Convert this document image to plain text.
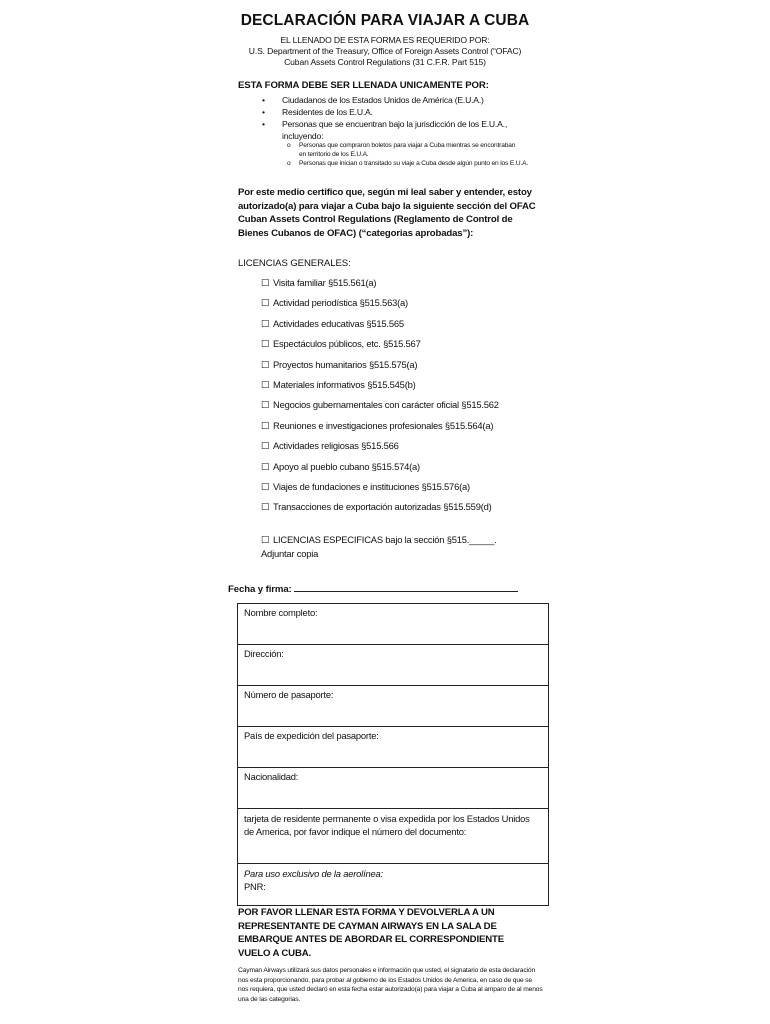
DECLARACIÓN PARA VIAJAR A CUBA
EL LLENADO DE ESTA FORMA ES REQUERIDO POR:
U.S. Department of the Treasury, Office of Foreign Assets Control (“OFAC)
Cuban Assets Control Regulations (31 C.F.R. Part 515)
ESTA FORMA DEBE SER LLENADA UNICAMENTE POR:
• Ciudadanos de los Estados Unidos de América (E.U.A.)
• Residentes de los E.U.A.
• Personas que se encuentran bajo la jurisdicción de los E.U.A., incluyendo:
o Personas que compraron boletos para viajar a Cuba mientras se encontraban en territorio de los E.U.A.
o Personas que inician o transitado su viaje a Cuba desde algún punto en los E.U.A.
Por este medio certifico que, según mi leal saber y entender, estoy autorizado(a) para viajar a Cuba bajo la siguiente sección del OFAC Cuban Assets Control Regulations (Reglamento de Control de Bienes Cubanos de OFAC) (“categorias aprobadas”):
LICENCIAS GENERALES:
☐ Visita familiar §515.561(a)
☐ Actividad periodística §515.563(a)
☐ Actividades educativas §515.565
☐ Espectáculos públicos, etc. §515.567
☐ Proyectos humanitarios §515.575(a)
☐ Materiales informativos §515.545(b)
☐ Negocios gubernamentales con carácter oficial §515.562
☐ Reuniones e investigaciones profesionales §515.564(a)
☐ Actividades religiosas §515.566
☐ Apoyo al pueblo cubano §515.574(a)
☐ Viajes de fundaciones e instituciones §515.576(a)
☐ Transacciones de exportación autorizadas §515.559(d)
☐ LICENCIAS ESPECIFICAS bajo la sección §515._____.
Adjuntar copia
Fecha y firma:
Nombre completo:
Dirección:
Número de pasaporte:
País de expedición del pasaporte:
Nacionalidad:
tarjeta de residente permanente o visa expedida por los Estados Unidos de America, por favor indique el número del documento:

Para uso exclusivo de la aerolínea:
PNR:
POR FAVOR LLENAR ESTA FORMA Y DEVOLVERLA A UN REPRESENTANTE DE CAYMAN AIRWAYS EN LA SALA DE EMBARQUE ANTES DE ABORDAR EL CORRESPONDIENTE VUELO A CUBA.
Cayman Airways utilizará sus datos personales e información que usted, el signatario de esta declaración nos esta proporcionando, para probar al gobierno de los Estados Unidos de America, en caso de que se nos requiera, que usted declaró en esta fecha estar autorizado(a) para viajar a Cuba al amparo de al menos una de las categorias.
